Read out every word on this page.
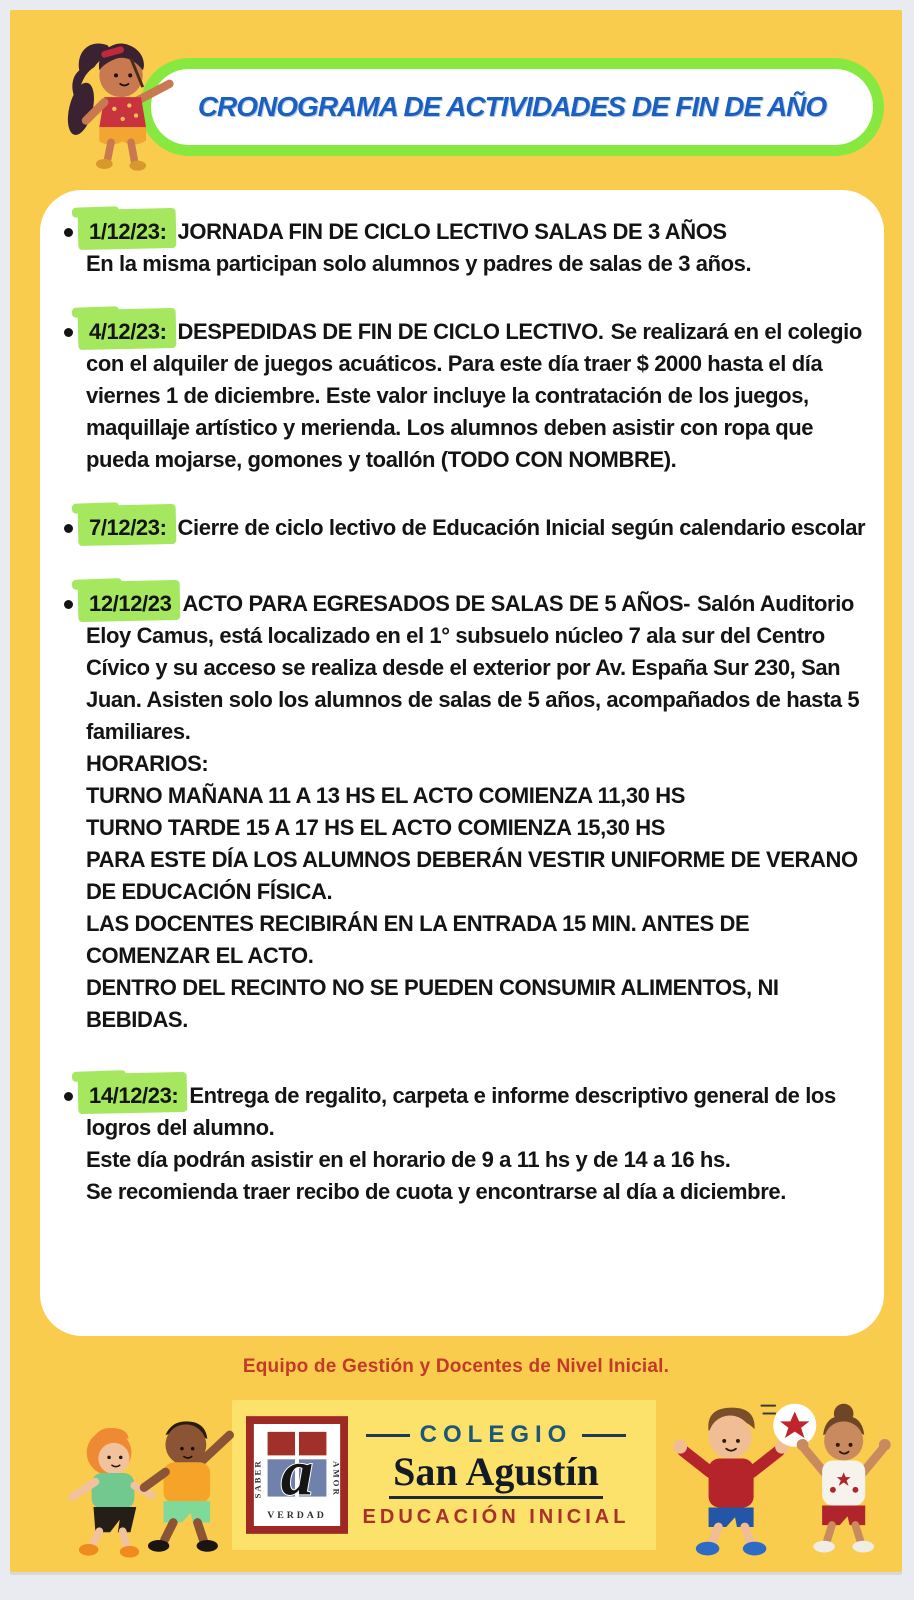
CRONOGRAMA DE ACTIVIDADES DE FIN DE AÑO
1/12/23: JORNADA FIN DE CICLO LECTIVO SALAS DE 3 AÑOS
En la misma participan solo alumnos y padres de salas de 3 años.
4/12/23: DESPEDIDAS DE FIN DE CICLO LECTIVO. Se realizará en el colegio con el alquiler de juegos acuáticos. Para este día traer $ 2000 hasta el día viernes 1 de diciembre. Este valor incluye la contratación de los juegos, maquillaje artístico y merienda. Los alumnos deben asistir con ropa que pueda mojarse, gomones y toallón (TODO CON NOMBRE).
7/12/23: Cierre de ciclo lectivo de Educación Inicial según calendario escolar
12/12/23 ACTO PARA EGRESADOS DE SALAS DE 5 AÑOS- Salón Auditorio Eloy Camus, está localizado en el 1° subsuelo núcleo 7 ala sur del Centro Cívico y su acceso se realiza desde el exterior por Av. España Sur 230, San Juan. Asisten solo los alumnos de salas de 5 años, acompañados de hasta 5 familiares.
HORARIOS:
TURNO MAÑANA 11 A 13 HS EL ACTO COMIENZA 11,30 HS
TURNO TARDE 15 A 17 HS EL ACTO COMIENZA 15,30 HS
PARA ESTE DÍA LOS ALUMNOS DEBERÁN VESTIR UNIFORME DE VERANO DE EDUCACIÓN FÍSICA.
LAS DOCENTES RECIBIRÁN EN LA ENTRADA 15 MIN. ANTES DE COMENZAR EL ACTO.
DENTRO DEL RECINTO NO SE PUEDEN CONSUMIR ALIMENTOS, NI BEBIDAS.
14/12/23: Entrega de regalito, carpeta e informe descriptivo general de los logros del alumno.
Este día podrán asistir en el horario de 9 a 11 hs y de 14 a 16 hs.
Se recomienda traer recibo de cuota y encontrarse al día a diciembre.
Equipo de Gestión y Docentes de Nivel Inicial.
a
SABER	AMOR
VERDAD
COLEGIO
San Agustín
EDUCACIÓN INICIAL
